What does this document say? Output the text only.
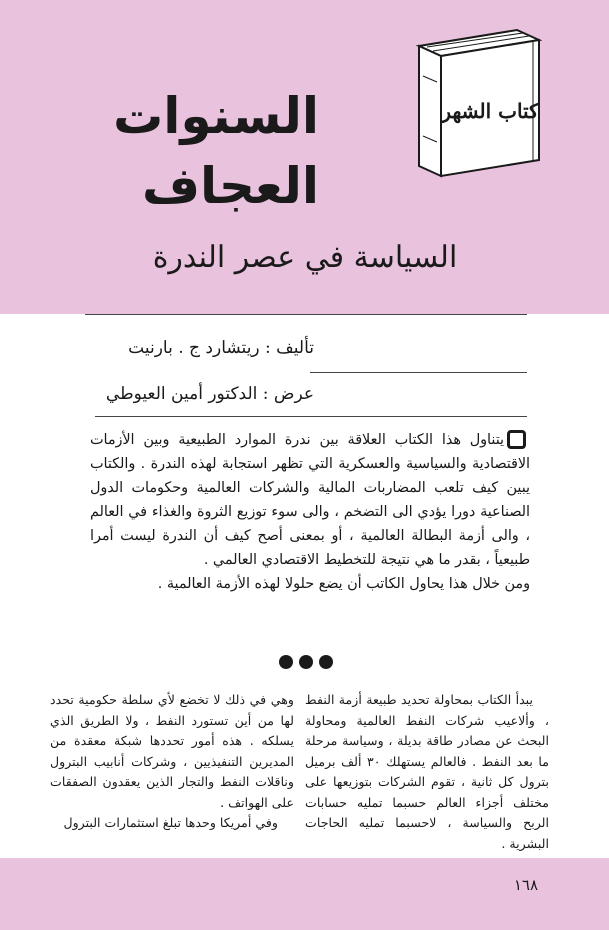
السنوات
العجاف
كتاب الشهر
السياسة في عصر الندرة
تأليف : ريتشارد ج . بارنيت
عرض : الدكتور أمين العيوطي

يتناول هذا الكتاب العلاقة بين ندرة الموارد الطبيعية وبين الأزمات الاقتصادية والسياسية والعسكرية التي تظهر استجابة لهذه الندرة . والكتاب يبين كيف تلعب المضاربات المالية والشركات العالمية وحكومات الدول الصناعية دورا يؤدي الى التضخم ، والى سوء توزيع الثروة والغذاء في العالم ، والى أزمة البطالة العالمية ، أو بمعنى أصح كيف أن الندرة ليست أمرا طبيعياً ، بقدر ما هي نتيجة للتخطيط الاقتصادي العالمي .

ومن خلال هذا يحاول الكاتب أن يضع حلولا لهذه الأزمة العالمية .

يبدأ الكتاب بمحاولة تحديد طبيعة أزمة النفط ، وألاعيب شركات النفط العالمية ومحاولة البحث عن مصادر طاقة بديلة ، وسياسة مرحلة ما بعد النفط . فالعالم يستهلك ٣٠ ألف برميل بترول كل ثانية ، تقوم الشركات بتوزيعها على مختلف أجزاء العالم حسبما تمليه حسابات الربح والسياسة ، لاحسبما تمليه الحاجات البشرية .

وهي في ذلك لا تخضع لأي سلطة حكومية تحدد لها من أين تستورد النفط ، ولا الطريق الذي يسلكه . هذه أمور تحددها شبكة معقدة من المديرين التنفيذيين ، وشركات أنابيب البترول وناقلات النفط والتجار الذين يعقدون الصفقات على الهواتف .

وفي أمريكا وحدها تبلغ استثمارات البترول

١٦٨
